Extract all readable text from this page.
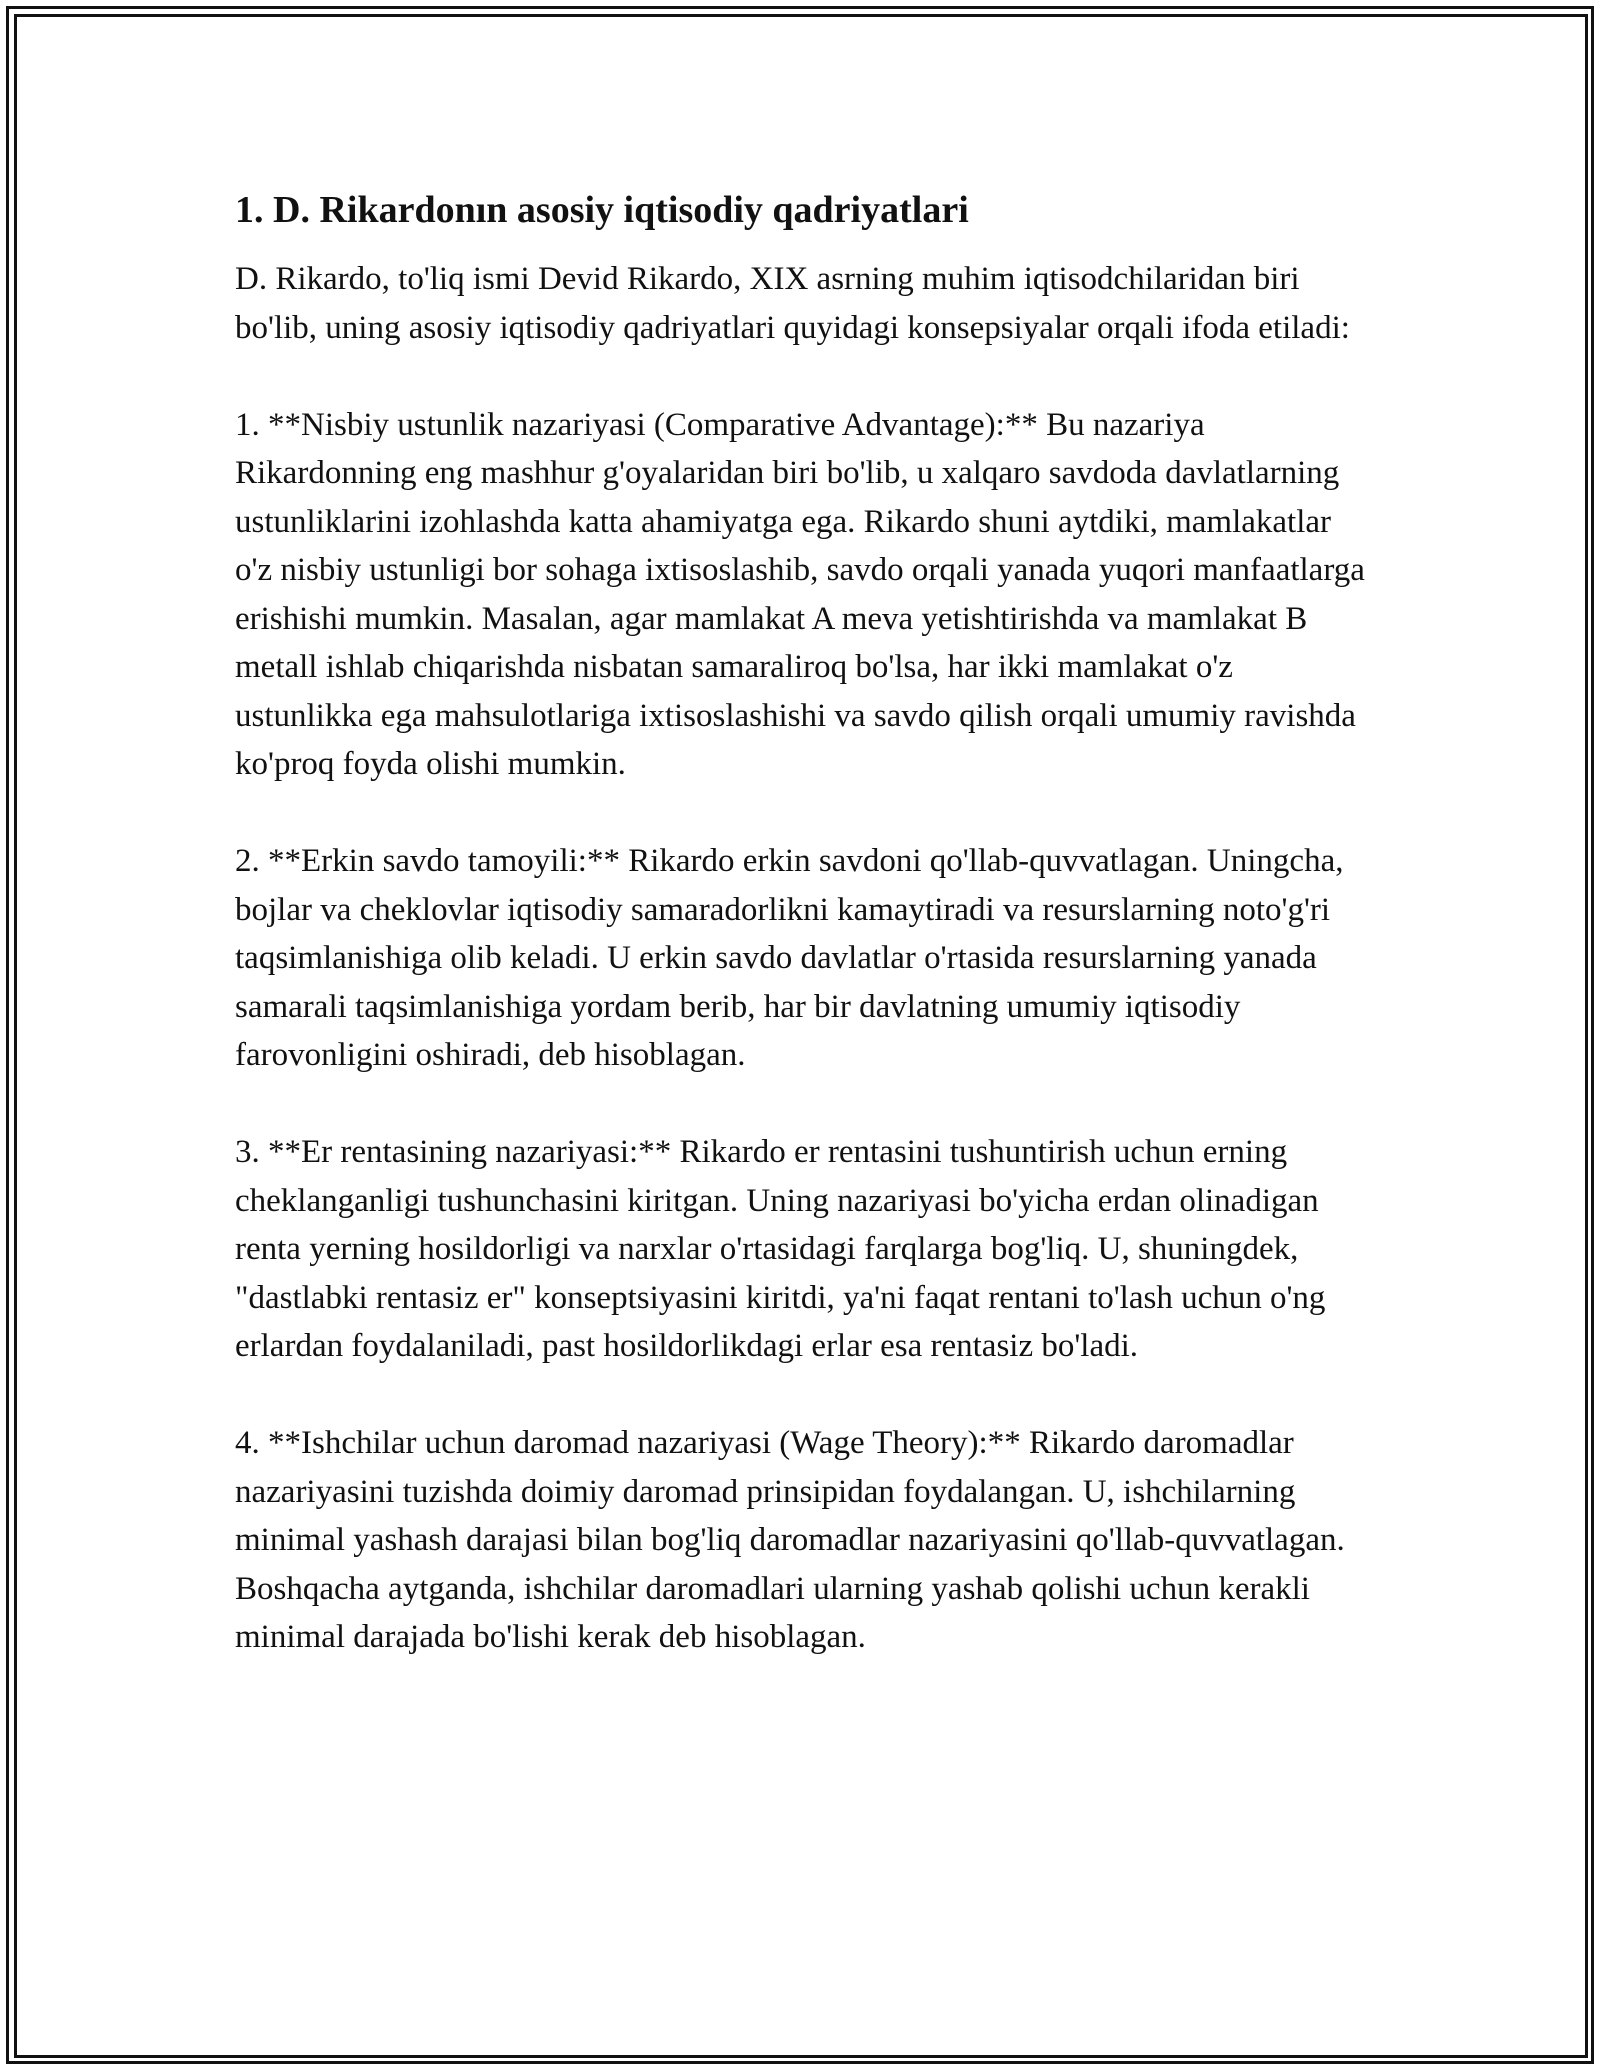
1. D. Rikardonın asosiy iqtisodiy qadriyatlari

D. Rikardo, to'liq ismi Devid Rikardo, XIX asrning muhim iqtisodchilaridan biri bo'lib, uning asosiy iqtisodiy qadriyatlari quyidagi konsepsiyalar orqali ifoda etiladi:

1. **Nisbiy ustunlik nazariyasi (Comparative Advantage):** Bu nazariya Rikardonning eng mashhur g'oyalaridan biri bo'lib, u xalqaro savdoda davlatlarning ustunliklarini izohlashda katta ahamiyatga ega. Rikardo shuni aytdiki, mamlakatlar o'z nisbiy ustunligi bor sohaga ixtisoslashib, savdo orqali yanada yuqori manfaatlarga erishishi mumkin. Masalan, agar mamlakat A meva yetishtirishda va mamlakat B metall ishlab chiqarishda nisbatan samaraliroq bo'lsa, har ikki mamlakat o'z ustunlikka ega mahsulotlariga ixtisoslashishi va savdo qilish orqali umumiy ravishda ko'proq foyda olishi mumkin.

2. **Erkin savdo tamoyili:** Rikardo erkin savdoni qo'llab-quvvatlagan. Uningcha, bojlar va cheklovlar iqtisodiy samaradorlikni kamaytiradi va resurslarning noto'g'ri taqsimlanishiga olib keladi. U erkin savdo davlatlar o'rtasida resurslarning yanada samarali taqsimlanishiga yordam berib, har bir davlatning umumiy iqtisodiy farovonligini oshiradi, deb hisoblagan.

3. **Er rentasining nazariyasi:** Rikardo er rentasini tushuntirish uchun erning cheklanganligi tushunchasini kiritgan. Uning nazariyasi bo'yicha erdan olinadigan renta yerning hosildorligi va narxlar o'rtasidagi farqlarga bog'liq. U, shuningdek, "dastlabki rentasiz er" konseptsiyasini kiritdi, ya'ni faqat rentani to'lash uchun o'ng erlardan foydalaniladi, past hosildorlikdagi erlar esa rentasiz bo'ladi.

4. **Ishchilar uchun daromad nazariyasi (Wage Theory):** Rikardo daromadlar nazariyasini tuzishda doimiy daromad prinsipidan foydalangan. U, ishchilarning minimal yashash darajasi bilan bog'liq daromadlar nazariyasini qo'llab-quvvatlagan. Boshqacha aytganda, ishchilar daromadlari ularning yashab qolishi uchun kerakli minimal darajada bo'lishi kerak deb hisoblagan.
